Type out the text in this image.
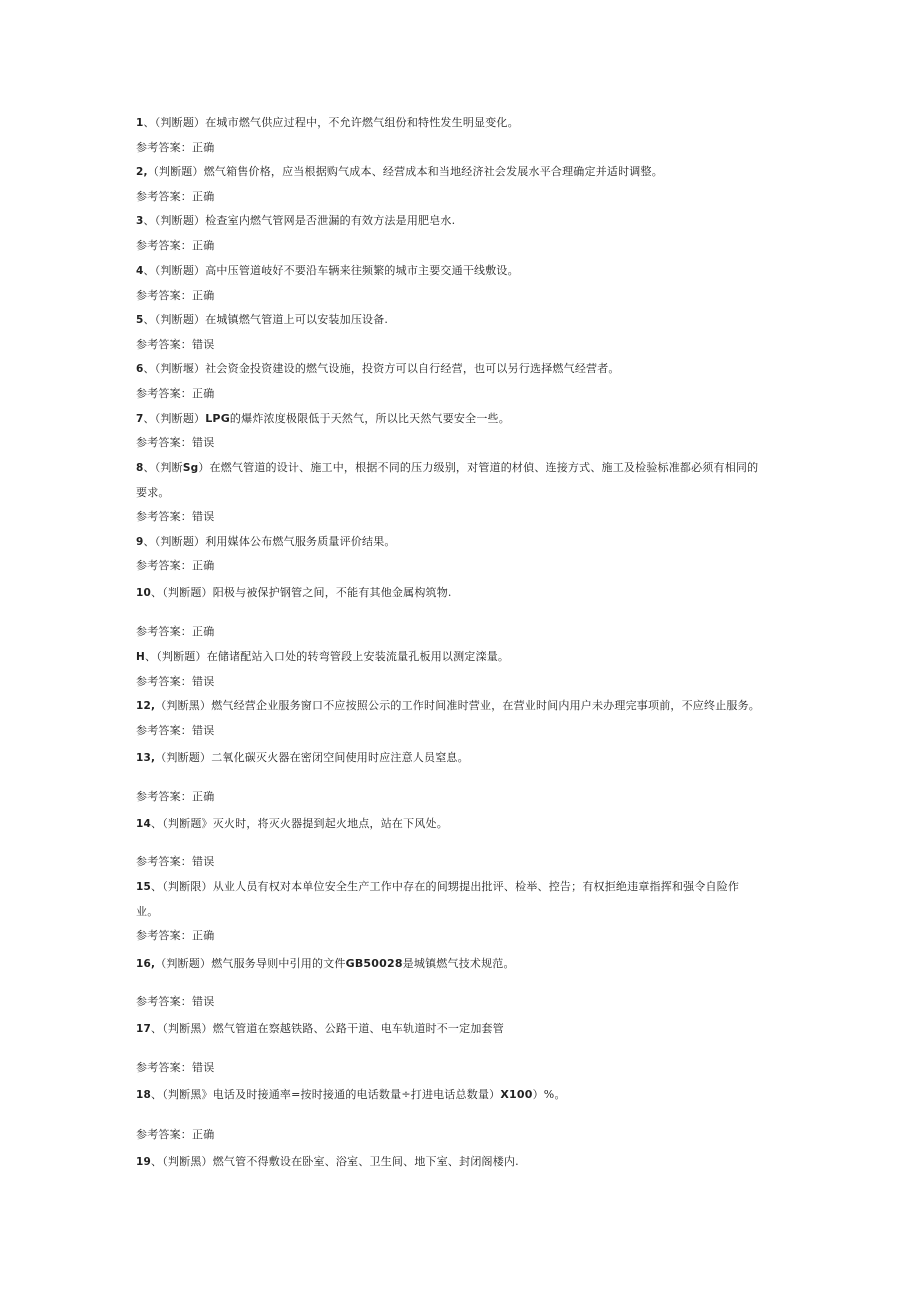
1、（判断题）在城市燃气供应过程中，不允许燃气组份和特性发生明显变化。
参考答案：正确
2,（判断题）燃气箱售价格，应当根据购气成本、经营成本和当地经济社会发展水平合理确定并适时调整。
参考答案：正确
3、（判断题）检查室内燃气管网是否泄漏的有效方法是用肥皂水.
参考答案：正确
4、（判断题）高中压管道岐好不要沿车辆来往频繁的城市主要交通干线敷设。
参考答案：正确
5、（判断题）在城镇燃气管道上可以安装加压设备.
参考答案：错误
6、（判断堰）社会资金投资建设的燃气设施，投资方可以自行经营，也可以另行选择燃气经营者。
参考答案：正确
7、（判断题）LPG的爆炸浓度极限低于天然气，所以比天然气要安全一些。
参考答案：错误
8、（判断Sg）在燃气管道的设计、施工中，根据不同的压力级别，对管道的材偵、连接方式、施工及检验标准都必须有相同的
要求。
参考答案：错误
9、（判断题）利用媒体公布燃气服务质量评价结果。
参考答案：正确
10、（判断题）阳极与被保护钢管之间，不能有其他金属构筑物.
参考答案：正确
H、（判断题）在储诸配站入口处的转弯管段上安装流量孔板用以测定滦量。
参考答案：错误
12,（判断黑）燃气经营企业服务窗口不应按照公示的工作时间准时营业，在营业时间内用户未办理完事项前，不应终止服务。
参考答案：错误
13,（判断题）二氧化碳灭火器在密闭空间使用时应注意人员窒息。
参考答案：正确
14、（判断题》灭火时，将灭火器提到起火地点，站在下风处。
参考答案：错误
15、（判断限）从业人员有权对本单位安全生产工作中存在的间甥提出批评、检举、控告；有权拒绝违章指挥和强令自险作
业。
参考答案：正确
16,（判断题）燃气服务导则中引用的文件GB50028是城镇燃气技术规范。
参考答案：错误
17、（判断黑）燃气管道在察越铁路、公路干道、电车轨道时不一定加套管
参考答案：错误
18、（判断黑》电话及时接通率=按时接通的电话数量÷打进电话总数量）X100）%。
参考答案：正确
19、（判断黑）燃气管不得敷设在卧室、浴室、卫生间、地下室、封闭阁楼内.
